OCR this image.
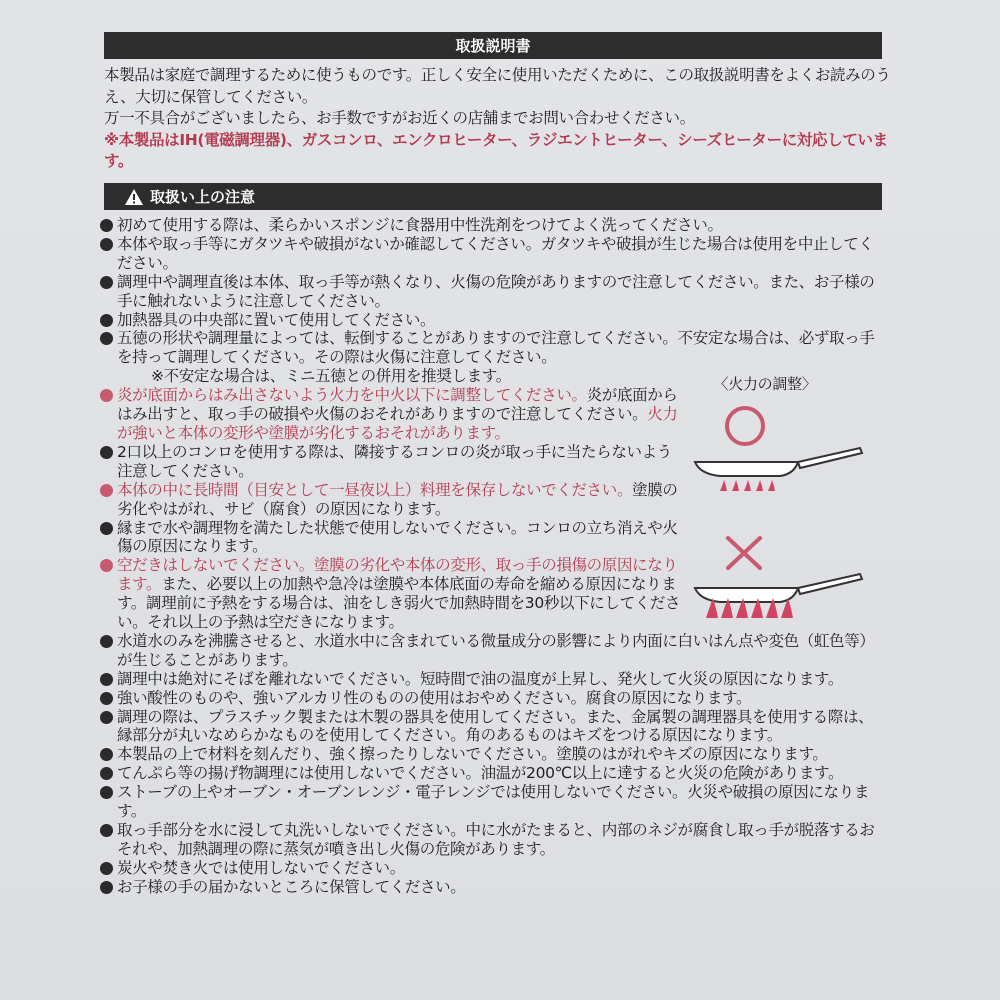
取扱説明書

本製品は家庭で調理するために使うものです。正しく安全に使用いただくために、この取扱説明書をよくお読みのうえ、大切に保管してください。

万一不具合がございましたら、お手数ですがお近くの店舗までお問い合わせください。

※本製品はIH(電磁調理器)、ガスコンロ、エンクロヒーター、ラジエントヒーター、シーズヒーターに対応しています。

取扱い上の注意
初めて使用する際は、柔らかいスポンジに食器用中性洗剤をつけてよく洗ってください。
本体や取っ手等にガタツキや破損がないか確認してください。ガタツキや破損が生じた場合は使用を中止してください。
調理中や調理直後は本体、取っ手等が熱くなり、火傷の危険がありますので注意してください。また、お子様の手に触れないように注意してください。
加熱器具の中央部に置いて使用してください。
五徳の形状や調理量によっては、転倒することがありますので注意してください。不安定な場合は、必ず取っ手を持って調理してください。その際は火傷に注意してください。
※不安定な場合は、ミニ五徳との併用を推奨します。
炎が底面からはみ出さないよう火力を中火以下に調整してください。炎が底面からはみ出すと、取っ手の破損や火傷のおそれがありますので注意してください。火力が強いと本体の変形や塗膜が劣化するおそれがあります。
2口以上のコンロを使用する際は、隣接するコンロの炎が取っ手に当たらないよう注意してください。
本体の中に長時間（目安として一昼夜以上）料理を保存しないでください。塗膜の劣化やはがれ、サビ（腐食）の原因になります。
縁まで水や調理物を満たした状態で使用しないでください。コンロの立ち消えや火傷の原因になります。
空だきはしないでください。塗膜の劣化や本体の変形、取っ手の損傷の原因になります。また、必要以上の加熱や急冷は塗膜や本体底面の寿命を縮める原因になります。調理前に予熱をする場合は、油をしき弱火で加熱時間を30秒以下にしてください。それ以上の予熱は空だきになります。
水道水のみを沸騰させると、水道水中に含まれている微量成分の影響により内面に白いはん点や変色（虹色等）が生じることがあります。
調理中は絶対にそばを離れないでください。短時間で油の温度が上昇し、発火して火災の原因になります。
強い酸性のものや、強いアルカリ性のものの使用はおやめください。腐食の原因になります。
調理の際は、プラスチック製または木製の器具を使用してください。また、金属製の調理器具を使用する際は、縁部分が丸いなめらかなものを使用してください。角のあるものはキズをつける原因になります。
本製品の上で材料を刻んだり、強く擦ったりしないでください。塗膜のはがれやキズの原因になります。
てんぷら等の揚げ物調理には使用しないでください。油温が200℃以上に達すると火災の危険があります。
ストーブの上やオーブン・オーブンレンジ・電子レンジでは使用しないでください。火災や破損の原因になります。
取っ手部分を水に浸して丸洗いしないでください。中に水がたまると、内部のネジが腐食し取っ手が脱落するおそれや、加熱調理の際に蒸気が噴き出し火傷の危険があります。
炭火や焚き火では使用しないでください。
お子様の手の届かないところに保管してください。
〈火力の調整〉
